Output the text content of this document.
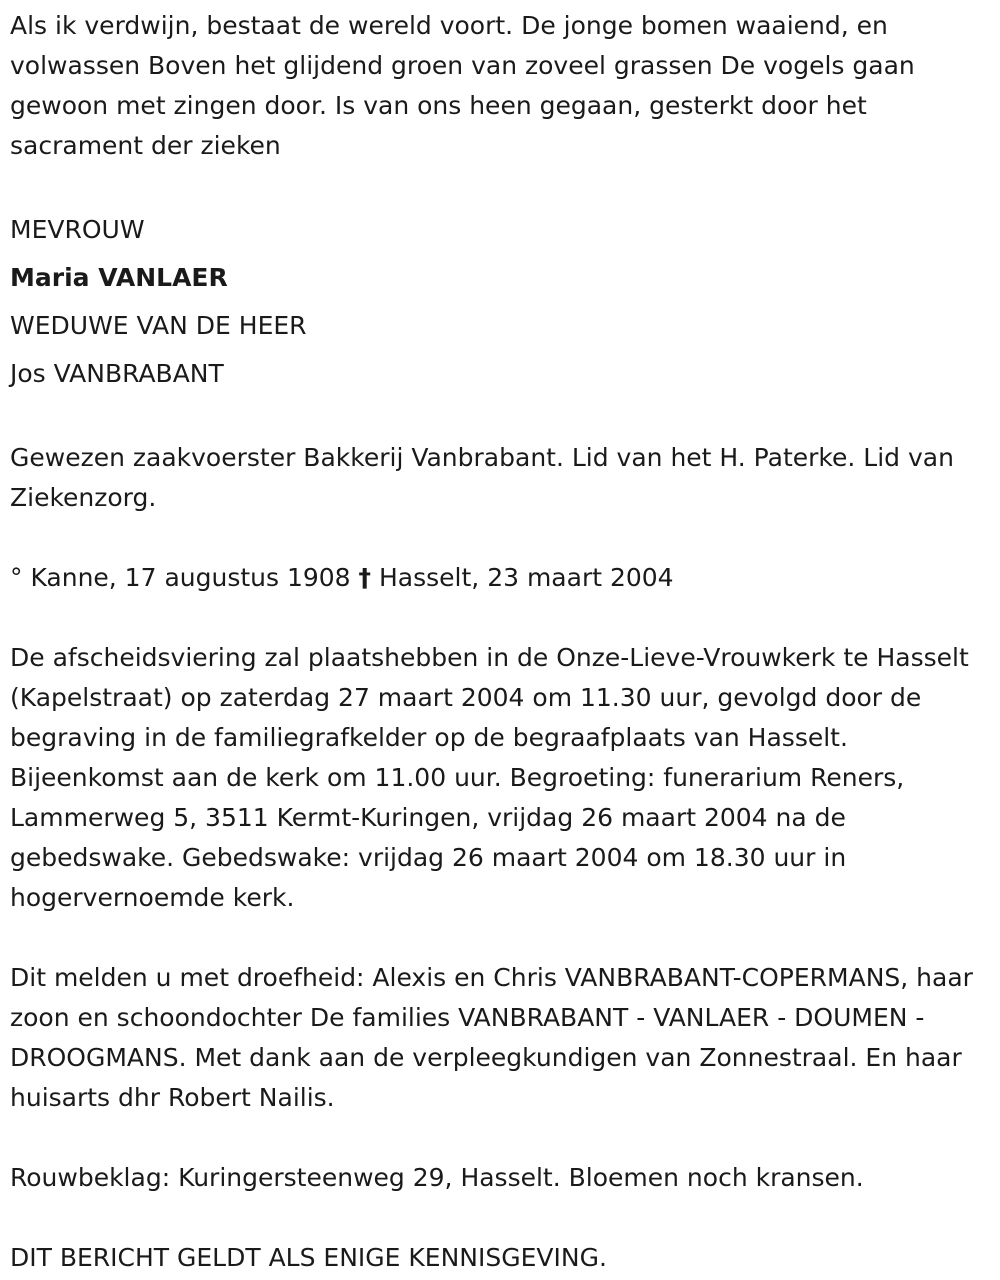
Als ik verdwijn, bestaat de wereld voort. De jonge bomen waaiend, en volwassen Boven het glijdend groen van zoveel grassen De vogels gaan gewoon met zingen door. Is van ons heen gegaan, gesterkt door het sacrament der zieken

MEVROUW

Maria VANLAER

WEDUWE VAN DE HEER

Jos VANBRABANT

Gewezen zaakvoerster Bakkerij Vanbrabant. Lid van het H. Paterke. Lid van Ziekenzorg.

° Kanne, 17 augustus 1908 † Hasselt, 23 maart 2004

De afscheidsviering zal plaatshebben in de Onze-Lieve-Vrouwkerk te Hasselt (Kapelstraat) op zaterdag 27 maart 2004 om 11.30 uur, gevolgd door de begraving in de familiegrafkelder op de begraafplaats van Hasselt. Bijeenkomst aan de kerk om 11.00 uur. Begroeting: funerarium Reners, Lammerweg 5, 3511 Kermt-Kuringen, vrijdag 26 maart 2004 na de gebedswake. Gebedswake: vrijdag 26 maart 2004 om 18.30 uur in hogervernoemde kerk.

Dit melden u met droefheid: Alexis en Chris VANBRABANT-COPERMANS, haar zoon en schoondochter De families VANBRABANT - VANLAER - DOUMEN - DROOGMANS. Met dank aan de verpleegkundigen van Zonnestraal. En haar huisarts dhr Robert Nailis.

Rouwbeklag: Kuringersteenweg 29, Hasselt. Bloemen noch kransen.

DIT BERICHT GELDT ALS ENIGE KENNISGEVING.
